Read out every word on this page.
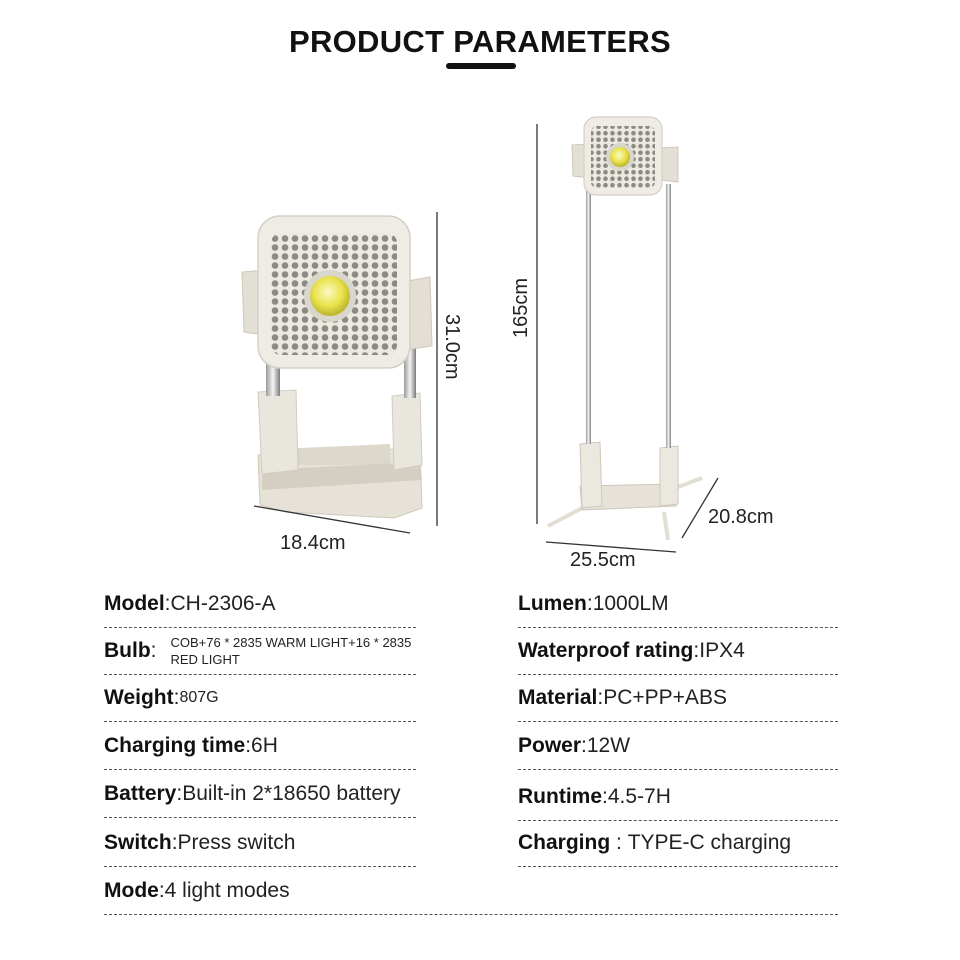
PRODUCT PARAMETERS
31.0cm
18.4cm
165cm
20.8cm
25.5cm
Model : CH-2306-A
Bulb : COB+76 * 2835 WARM LIGHT+16 * 2835 RED LIGHT
Weight : 807G
Charging time : 6H
Battery : Built-in 2*18650 battery
Switch : Press switch
Mode : 4 light modes
Lumen : 1000LM
Waterproof rating : IPX4
Material : PC+PP+ABS
Power : 12W
Runtime : 4.5-7H
Charging : TYPE-C charging
